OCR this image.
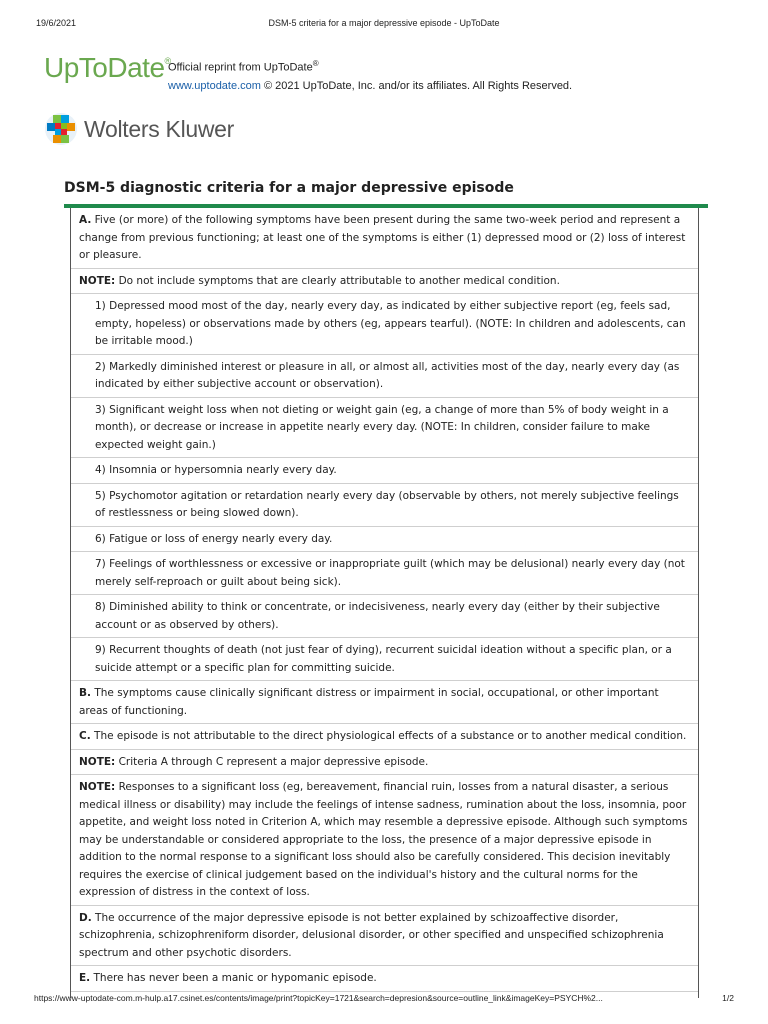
19/6/2021	DSM-5 criteria for a major depressive episode - UpToDate
UpToDate®
Official reprint from UpToDate®
www.uptodate.com © 2021 UpToDate, Inc. and/or its affiliates. All Rights Reserved.
Wolters Kluwer
DSM-5 diagnostic criteria for a major depressive episode
A. Five (or more) of the following symptoms have been present during the same two-week period and represent a change from previous functioning; at least one of the symptoms is either (1) depressed mood or (2) loss of interest or pleasure.
NOTE: Do not include symptoms that are clearly attributable to another medical condition.
1) Depressed mood most of the day, nearly every day, as indicated by either subjective report (eg, feels sad, empty, hopeless) or observations made by others (eg, appears tearful). (NOTE: In children and adolescents, can be irritable mood.)
2) Markedly diminished interest or pleasure in all, or almost all, activities most of the day, nearly every day (as indicated by either subjective account or observation).
3) Significant weight loss when not dieting or weight gain (eg, a change of more than 5% of body weight in a month), or decrease or increase in appetite nearly every day. (NOTE: In children, consider failure to make expected weight gain.)
4) Insomnia or hypersomnia nearly every day.
5) Psychomotor agitation or retardation nearly every day (observable by others, not merely subjective feelings of restlessness or being slowed down).
6) Fatigue or loss of energy nearly every day.
7) Feelings of worthlessness or excessive or inappropriate guilt (which may be delusional) nearly every day (not merely self-reproach or guilt about being sick).
8) Diminished ability to think or concentrate, or indecisiveness, nearly every day (either by their subjective account or as observed by others).
9) Recurrent thoughts of death (not just fear of dying), recurrent suicidal ideation without a specific plan, or a suicide attempt or a specific plan for committing suicide.
B. The symptoms cause clinically significant distress or impairment in social, occupational, or other important areas of functioning.
C. The episode is not attributable to the direct physiological effects of a substance or to another medical condition.
NOTE: Criteria A through C represent a major depressive episode.
NOTE: Responses to a significant loss (eg, bereavement, financial ruin, losses from a natural disaster, a serious medical illness or disability) may include the feelings of intense sadness, rumination about the loss, insomnia, poor appetite, and weight loss noted in Criterion A, which may resemble a depressive episode. Although such symptoms may be understandable or considered appropriate to the loss, the presence of a major depressive episode in addition to the normal response to a significant loss should also be carefully considered. This decision inevitably requires the exercise of clinical judgement based on the individual's history and the cultural norms for the expression of distress in the context of loss.
D. The occurrence of the major depressive episode is not better explained by schizoaffective disorder, schizophrenia, schizophreniform disorder, delusional disorder, or other specified and unspecified schizophrenia spectrum and other psychotic disorders.
E. There has never been a manic or hypomanic episode.
https://www-uptodate-com.m-hulp.a17.csinet.es/contents/image/print?topicKey=1721&search=depresion&source=outline_link&imageKey=PSYCH%2...	1/2
